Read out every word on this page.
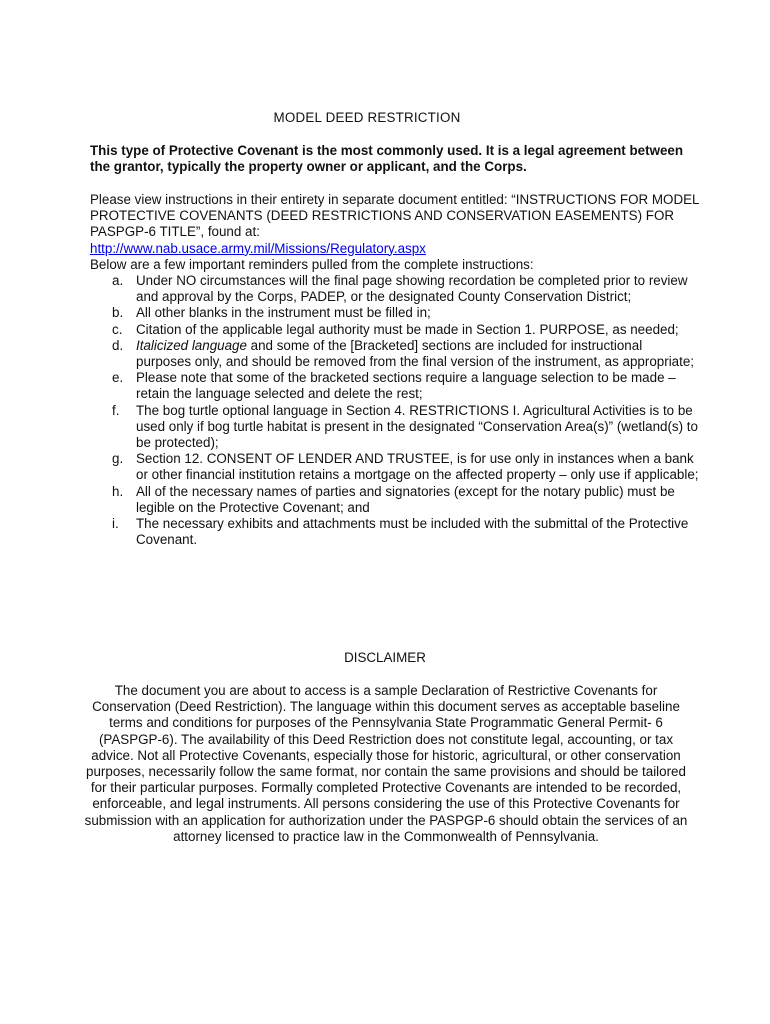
MODEL DEED RESTRICTION
This type of Protective Covenant is the most commonly used. It is a legal agreement between the grantor, typically the property owner or applicant, and the Corps.

Please view instructions in their entirety in separate document entitled: “INSTRUCTIONS FOR MODEL PROTECTIVE COVENANTS (DEED RESTRICTIONS AND CONSERVATION EASEMENTS) FOR PASPGP-6 TITLE”, found at:

http://www.nab.usace.army.mil/Missions/Regulatory.aspx

Below are a few important reminders pulled from the complete instructions:

a. Under NO circumstances will the final page showing recordation be completed prior to review and approval by the Corps, PADEP, or the designated County Conservation District;
b. All other blanks in the instrument must be filled in;
c.	Citation of the applicable legal authority must be made in Section 1. PURPOSE, as needed;
d. Italicized language and some of the [Bracketed] sections are included for instructional purposes only, and should be removed from the final version of the instrument, as appropriate;
e. Please note that some of the bracketed sections require a language selection to be made – retain the language selected and delete the rest;
f.	The bog turtle optional language in Section 4. RESTRICTIONS I. Agricultural Activities is to be used only if bog turtle habitat is present in the designated “Conservation Area(s)” (wetland(s) to be protected);
g. Section 12. CONSENT OF LENDER AND TRUSTEE, is for use only in instances when a bank or other financial institution retains a mortgage on the affected property – only use if applicable;
h. All of the necessary names of parties and signatories (except for the notary public) must be legible on the Protective Covenant; and
i.	The necessary exhibits and attachments must be included with the submittal of the Protective Covenant.
DISCLAIMER
The document you are about to access is a sample Declaration of Restrictive Covenants for Conservation (Deed Restriction). The language within this document serves as acceptable baseline terms and conditions for purposes of the Pennsylvania State Programmatic General Permit- 6 (PASPGP-6). The availability of this Deed Restriction does not constitute legal, accounting, or tax advice. Not all Protective Covenants, especially those for historic, agricultural, or other conservation purposes, necessarily follow the same format, nor contain the same provisions and should be tailored for their particular purposes. Formally completed Protective Covenants are intended to be recorded, enforceable, and legal instruments. All persons considering the use of this Protective Covenants for submission with an application for authorization under the PASPGP-6 should obtain the services of an attorney licensed to practice law in the Commonwealth of Pennsylvania.
